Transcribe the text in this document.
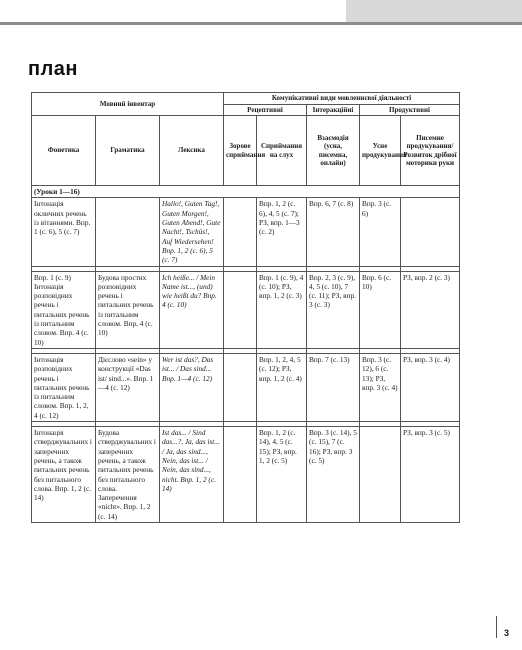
план
Мовний інвентар			Комунікативні види мовленнєвої діяльності				
			Рецептивні		Інтеракційні	Продуктивні	
Фонетика	Граматика	Лексика	Зорове сприймання	Сприймання на слух	Взаємодія (усна, писемна, онлайн)	Усне продукування	Писемне продукування/ Розвиток дрібної моторики руки
(Уроки 1—16)							
Інтонація окличних речень із вітаннями. Впр. 1 (с. 6), 5 (с. 7)		Hallo!, Guten Tag!, Guten Morgen!, Guten Abend!, Gute Nacht!, Tschüs!, Auf Wiedersehen! Впр. 1, 2 (с. 6), 5 (с. 7)		Впр. 1, 2 (с. 6), 4, 5 (с. 7); РЗ, впр. 1—3 (с. 2)	Впр. 6, 7 (с. 8)	Впр. 3 (с. 6)	

Впр. 1 (с. 9) Інтонація розповідних речень і питальних речень із питальним словом. Впр. 4 (с. 10)	Будова простих розповідних речень і питальних речень із питальним словом. Впр. 4 (с. 10)	Ich heiße... / Mein Name ist..., (und) wie heißt du? Впр. 4 (с. 10)		Впр. 1 (с. 9), 4 (с. 10); РЗ, впр. 1, 2 (с. 3)	Впр. 2, 3 (с. 9), 4, 5 (с. 10), 7 (с. 11); РЗ, впр. 3 (с. 3)	Впр. 6 (с. 10)	РЗ, впр. 2 (с. 3)

Інтонація розповідних речень і питальних речень із питальним словом. Впр. 1, 2, 4 (с. 12)	Дієслово «sein» у конструкції «Das ist/ sind...». Впр. 1—4 (с. 12)	Wer ist das?, Das ist... / Das sind... Впр. 1—4 (с. 12)		Впр. 1, 2, 4, 5 (с. 12); РЗ, впр. 1, 2 (с. 4)	Впр. 7 (с. 13)	Впр. 3 (с. 12), 6 (с. 13); РЗ, впр. 3 (с. 4)	РЗ, впр. 3 (с. 4)

Інтонація стверджувальних і заперечних речень, а також питальних речень без питального слова. Впр. 1, 2 (с. 14)	Будова стверджувальних і заперечних речень, а також питальних речень без питального слова. Заперечення «nicht». Впр. 1, 2 (с. 14)	Ist das... / Sind das...?, Ja, das ist... / Ja, das sind..., Nein, das ist... / Nein, das sind..., nicht. Впр. 1, 2 (с. 14)		Впр. 1, 2 (с. 14), 4, 5 (с. 15); РЗ, впр. 1, 2 (с. 5)	Впр. 3 (с. 14), 5 (с. 15), 7 (с. 16); РЗ, впр. 3 (с. 5)		РЗ, впр. 3 (с. 5)
3
